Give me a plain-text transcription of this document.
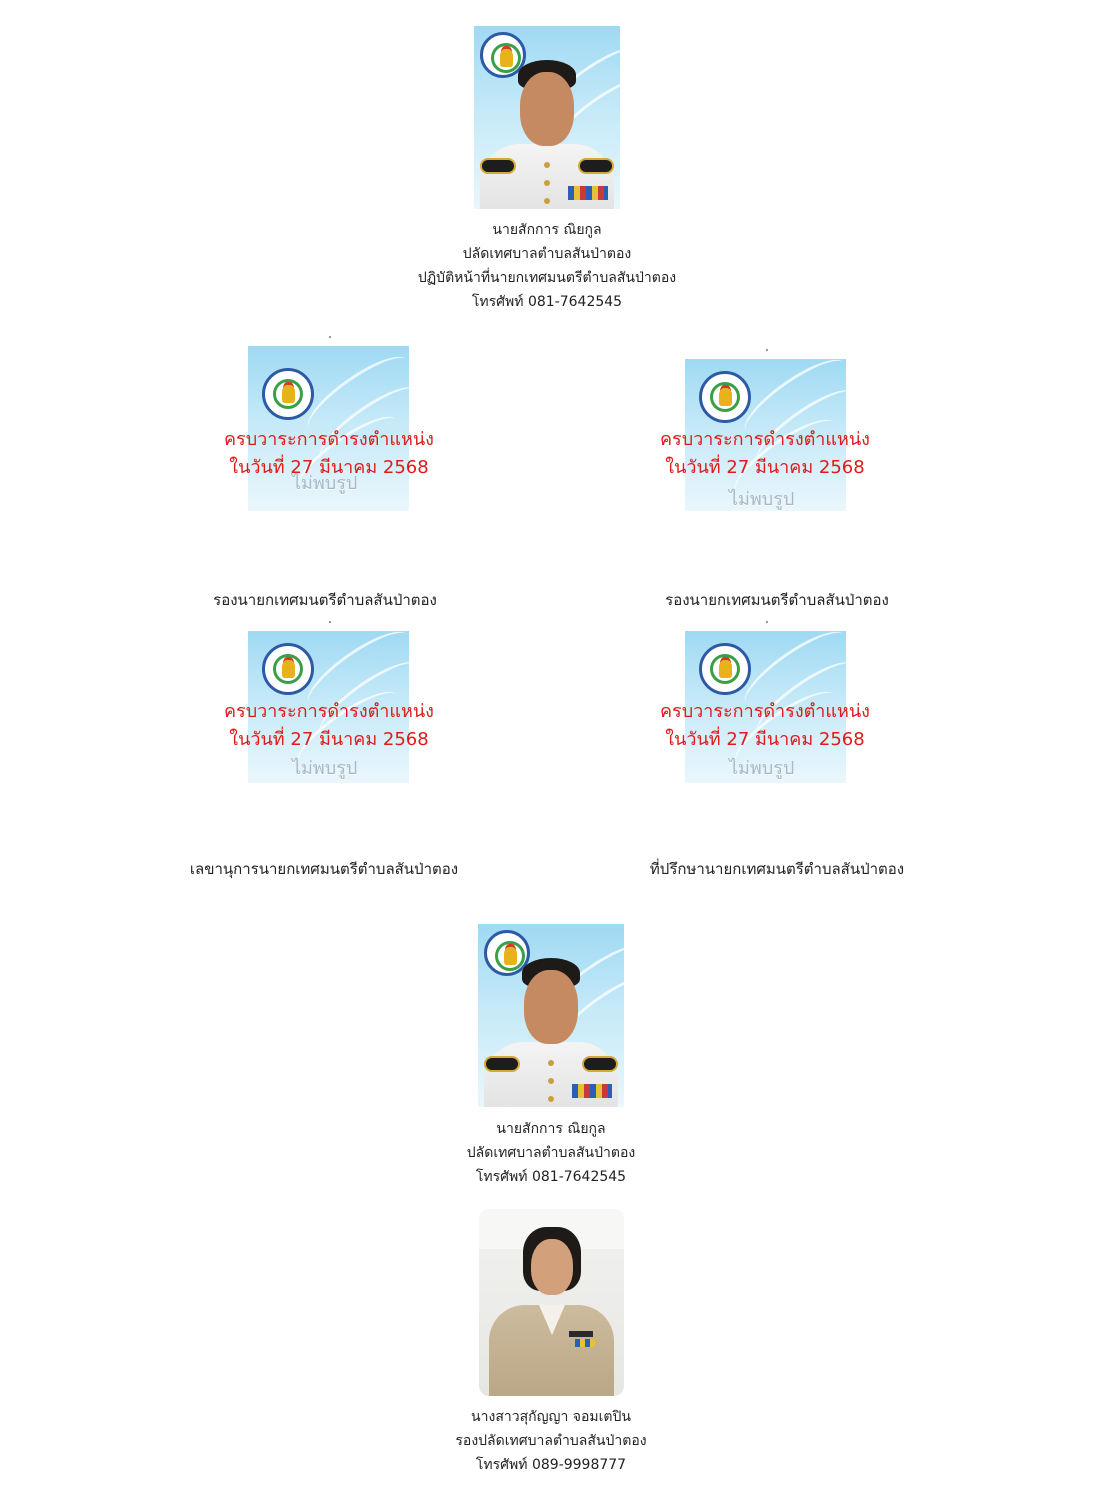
นายสักการ ณิยกูล
ปลัดเทศบาลตำบลสันป่าตอง
ปฏิบัติหน้าที่นายกเทศมนตรีตำบลสันป่าตอง
โทรศัพท์ 081-7642545
ไม่พบรูป
ครบวาระการดำรงตำแหน่ง
ในวันที่ 27 มีนาคม 2568
รองนายกเทศมนตรีตำบลสันป่าตอง
ไม่พบรูป
ครบวาระการดำรงตำแหน่ง
ในวันที่ 27 มีนาคม 2568
รองนายกเทศมนตรีตำบลสันป่าตอง
ไม่พบรูป
ครบวาระการดำรงตำแหน่ง
ในวันที่ 27 มีนาคม 2568
เลขานุการนายกเทศมนตรีตำบลสันป่าตอง
ไม่พบรูป
ครบวาระการดำรงตำแหน่ง
ในวันที่ 27 มีนาคม 2568
ที่ปรึกษานายกเทศมนตรีตำบลสันป่าตอง
นายสักการ ณิยกูล
ปลัดเทศบาลตำบลสันป่าตอง
โทรศัพท์ 081-7642545
นางสาวสุกัญญา จอมเตปิน
รองปลัดเทศบาลตำบลสันป่าตอง
โทรศัพท์ 089-9998777
